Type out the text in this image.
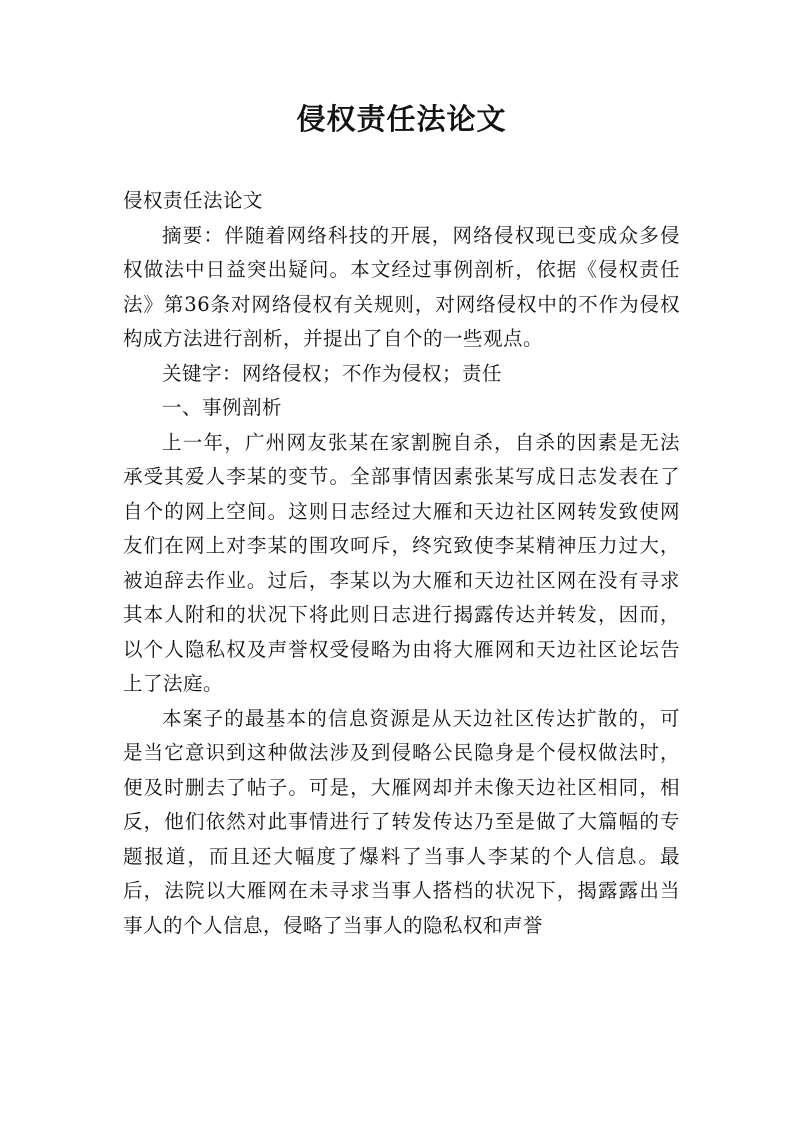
侵权责任法论文

侵权责任法论文

摘要：伴随着网络科技的开展，网络侵权现已变成众多侵权做法中日益突出疑问。本文经过事例剖析，依据《侵权责任法》第36条对网络侵权有关规则，对网络侵权中的不作为侵权构成方法进行剖析，并提出了自个的一些观点。

关键字：网络侵权；不作为侵权；责任

一、事例剖析

上一年，广州网友张某在家割腕自杀，自杀的因素是无法承受其爱人李某的变节。全部事情因素张某写成日志发表在了自个的网上空间。这则日志经过大雁和天边社区网转发致使网友们在网上对李某的围攻呵斥，终究致使李某精神压力过大，被迫辞去作业。过后，李某以为大雁和天边社区网在没有寻求其本人附和的状况下将此则日志进行揭露传达并转发，因而，以个人隐私权及声誉权受侵略为由将大雁网和天边社区论坛告上了法庭。

本案子的最基本的信息资源是从天边社区传达扩散的，可是当它意识到这种做法涉及到侵略公民隐身是个侵权做法时，便及时删去了帖子。可是，大雁网却并未像天边社区相同，相反，他们依然对此事情进行了转发传达乃至是做了大篇幅的专题报道，而且还大幅度了爆料了当事人李某的个人信息。最后，法院以大雁网在未寻求当事人搭档的状况下，揭露露出当事人的个人信息，侵略了当事人的隐私权和声誉
